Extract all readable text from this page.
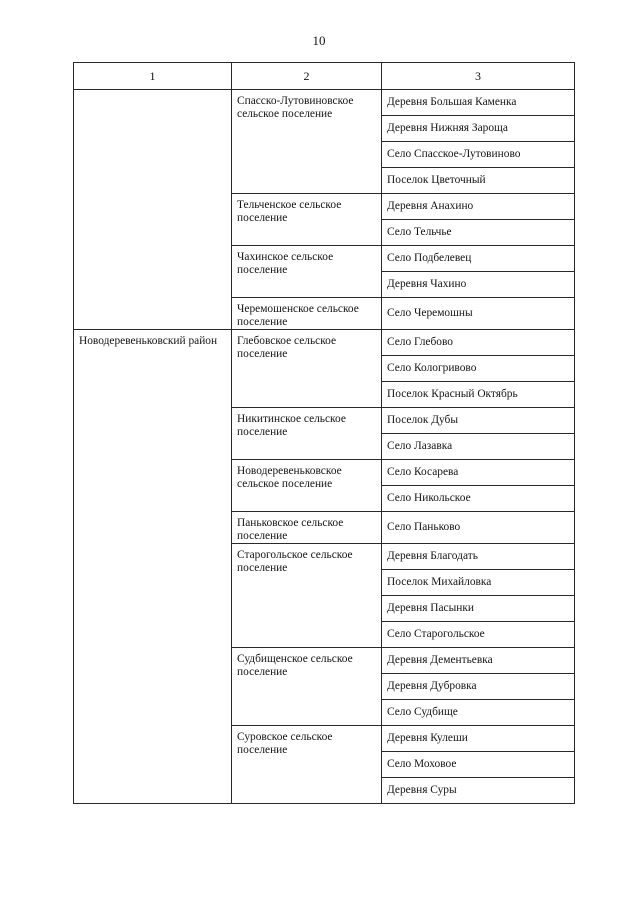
10
1	2	3
	Спасско-Лутовиновское сельское поселение	Деревня Большая Каменка
		Деревня Нижняя Зароща
		Село Спасское-Лутовиново
		Поселок Цветочный
	Тельченское сельское поселение	Деревня Анахино
		Село Тельчье
	Чахинское сельское поселение	Село Подбелевец
		Деревня Чахино
	Черемошенское сельское поселение	Село Черемошны
Новодеревеньковский район	Глебовское сельское поселение	Село Глебово
		Село Кологривово
		Поселок Красный Октябрь
	Никитинское сельское поселение	Поселок Дубы
		Село Лазавка
	Новодеревеньковское сельское поселение	Село Косарева
		Село Никольское
	Паньковское сельское поселение	Село Паньково
	Старогольское сельское поселение	Деревня Благодать
		Поселок Михайловка
		Деревня Пасынки
		Село Старогольское
	Судбищенское сельское поселение	Деревня Дементьевка
		Деревня Дубровка
		Село Судбище
	Суровское сельское поселение	Деревня Кулеши
		Село Моховое
		Деревня Суры
